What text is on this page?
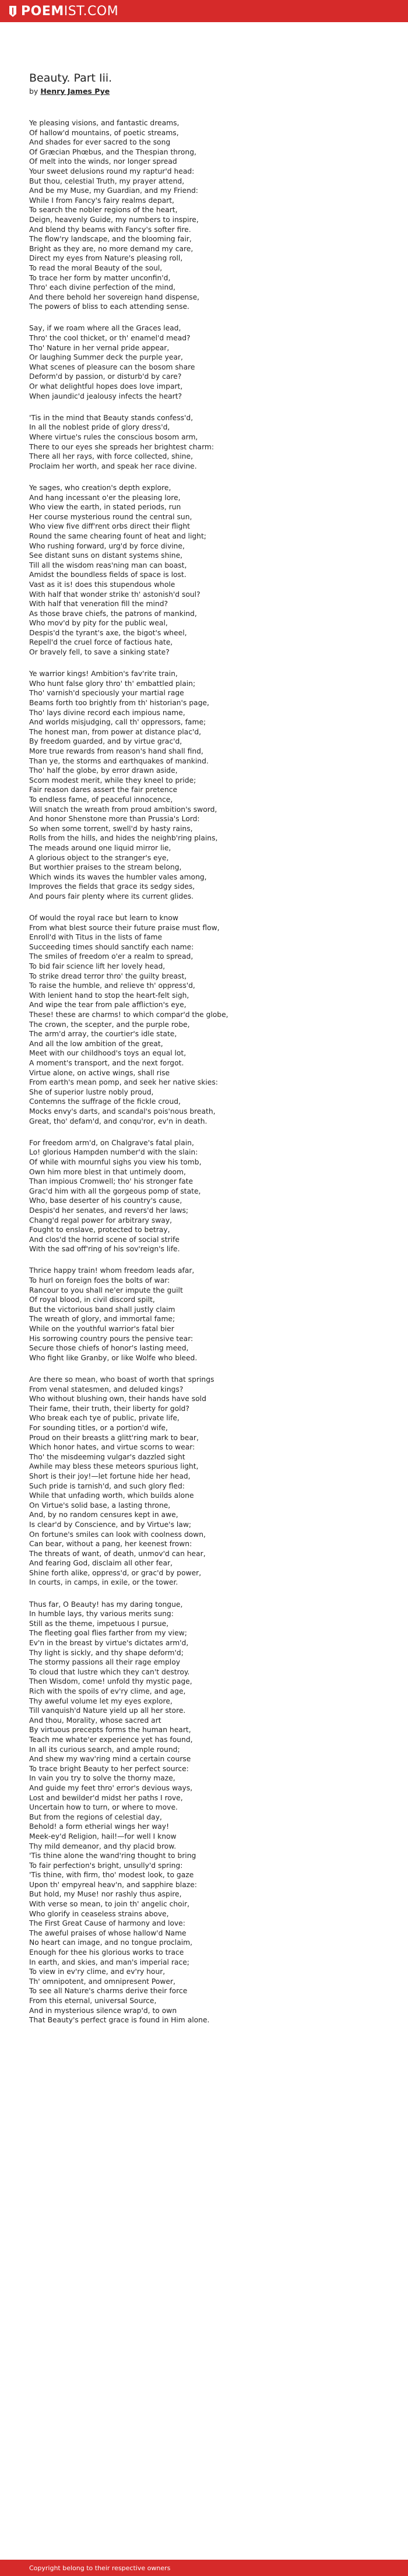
POEM IST.COM
Beauty. Part Iii.

by Henry James Pye

Ye pleasing visions, and fantastic dreams,
Of hallow'd mountains, of poetic streams,
And shades for ever sacred to the song
Of Græcian Phœbus, and the Thespian throng,
Of melt into the winds, nor longer spread
Your sweet delusions round my raptur'd head:
But thou, celestial Truth, my prayer attend,
And be my Muse, my Guardian, and my Friend:
While I from Fancy's fairy realms depart,
To search the nobler regions of the heart,
Deign, heavenly Guide, my numbers to inspire,
And blend thy beams with Fancy's softer fire.
The flow'ry landscape, and the blooming fair,
Bright as they are, no more demand my care,
Direct my eyes from Nature's pleasing roll,
To read the moral Beauty of the soul,
To trace her form by matter unconfin'd,
Thro' each divine perfection of the mind,
And there behold her sovereign hand dispense,
The powers of bliss to each attending sense.
Say, if we roam where all the Graces lead,
Thro' the cool thicket, or th' enamel'd mead?
Tho' Nature in her vernal pride appear,
Or laughing Summer deck the purple year,
What scenes of pleasure can the bosom share
Deform'd by passion, or disturb'd by care?
Or what delightful hopes does love impart,
When jaundic'd jealousy infects the heart?
'Tis in the mind that Beauty stands confess'd,
In all the noblest pride of glory dress'd,
Where virtue's rules the conscious bosom arm,
There to our eyes she spreads her brightest charm:
There all her rays, with force collected, shine,
Proclaim her worth, and speak her race divine.
Ye sages, who creation's depth explore,
And hang incessant o'er the pleasing lore,
Who view the earth, in stated periods, run
Her course mysterious round the central sun,
Who view five diff'rent orbs direct their flight
Round the same chearing fount of heat and light;
Who rushing forward, urg'd by force divine,
See distant suns on distant systems shine,
Till all the wisdom reas'ning man can boast,
Amidst the boundless fields of space is lost.
Vast as it is! does this stupendous whole
With half that wonder strike th' astonish'd soul?
With half that veneration fill the mind?
As those brave chiefs, the patrons of mankind,
Who mov'd by pity for the public weal,
Despis'd the tyrant's axe, the bigot's wheel,
Repell'd the cruel force of factious hate,
Or bravely fell, to save a sinking state?
Ye warrior kings! Ambition's fav'rite train,
Who hunt false glory thro' th' embattled plain;
Tho' varnish'd speciously your martial rage
Beams forth too brightly from th' historian's page,
Tho' lays divine record each impious name,
And worlds misjudging, call th' oppressors, fame;
The honest man, from power at distance plac'd,
By freedom guarded, and by virtue grac'd,
More true rewards from reason's hand shall find,
Than ye, the storms and earthquakes of mankind.
Tho' half the globe, by error drawn aside,
Scorn modest merit, while they kneel to pride;
Fair reason dares assert the fair pretence
To endless fame, of peaceful innocence,
Will snatch the wreath from proud ambition's sword,
And honor Shenstone more than Prussia's Lord:
So when some torrent, swell'd by hasty rains,
Rolls from the hills, and hides the neighb'ring plains,
The meads around one liquid mirror lie,
A glorious object to the stranger's eye,
But worthier praises to the stream belong,
Which winds its waves the humbler vales among,
Improves the fields that grace its sedgy sides,
And pours fair plenty where its current glides.
Of would the royal race but learn to know
From what blest source their future praise must flow,
Enroll'd with Titus in the lists of fame
Succeeding times should sanctify each name:
The smiles of freedom o'er a realm to spread,
To bid fair science lift her lovely head,
To strike dread terror thro' the guilty breast,
To raise the humble, and relieve th' oppress'd,
With lenient hand to stop the heart-felt sigh,
And wipe the tear from pale affliction's eye,
These! these are charms! to which compar'd the globe,
The crown, the scepter, and the purple robe,
The arm'd array, the courtier's idle state,
And all the low ambition of the great,
Meet with our childhood's toys an equal lot,
A moment's transport, and the next forgot.
Virtue alone, on active wings, shall rise
From earth's mean pomp, and seek her native skies:
She of superior lustre nobly proud,
Contemns the suffrage of the fickle croud,
Mocks envy's darts, and scandal's pois'nous breath,
Great, tho' defam'd, and conqu'ror, ev'n in death.
For freedom arm'd, on Chalgrave's fatal plain,
Lo! glorious Hampden number'd with the slain:
Of while with mournful sighs you view his tomb,
Own him more blest in that untimely doom,
Than impious Cromwell; tho' his stronger fate
Grac'd him with all the gorgeous pomp of state,
Who, base deserter of his country's cause,
Despis'd her senates, and revers'd her laws;
Chang'd regal power for arbitrary sway,
Fought to enslave, protected to betray,
And clos'd the horrid scene of social strife
With the sad off'ring of his sov'reign's life.
Thrice happy train! whom freedom leads afar,
To hurl on foreign foes the bolts of war:
Rancour to you shall ne'er impute the guilt
Of royal blood, in civil discord spilt,
But the victorious band shall justly claim
The wreath of glory, and immortal fame;
While on the youthful warrior's fatal bier
His sorrowing country pours the pensive tear:
Secure those chiefs of honor's lasting meed,
Who fight like Granby, or like Wolfe who bleed.
Are there so mean, who boast of worth that springs
From venal statesmen, and deluded kings?
Who without blushing own, their hands have sold
Their fame, their truth, their liberty for gold?
Who break each tye of public, private life,
For sounding titles, or a portion'd wife,
Proud on their breasts a glitt'ring mark to bear,
Which honor hates, and virtue scorns to wear:
Tho' the misdeeming vulgar's dazzled sight
Awhile may bless these meteors spurious light,
Short is their joy!—let fortune hide her head,
Such pride is tarnish'd, and such glory fled:
While that unfading worth, which builds alone
On Virtue's solid base, a lasting throne,
And, by no random censures kept in awe,
Is clear'd by Conscience, and by Virtue's law;
On fortune's smiles can look with coolness down,
Can bear, without a pang, her keenest frown:
The threats of want, of death, unmov'd can hear,
And fearing God, disclaim all other fear,
Shine forth alike, oppress'd, or grac'd by power,
In courts, in camps, in exile, or the tower.
Thus far, O Beauty! has my daring tongue,
In humble lays, thy various merits sung:
Still as the theme, impetuous I pursue,
The fleeting goal flies farther from my view;
Ev'n in the breast by virtue's dictates arm'd,
Thy light is sickly, and thy shape deform'd;
The stormy passions all their rage employ
To cloud that lustre which they can't destroy.
Then Wisdom, come! unfold thy mystic page,
Rich with the spoils of ev'ry clime, and age,
Thy aweful volume let my eyes explore,
Till vanquish'd Nature yield up all her store.
And thou, Morality, whose sacred art
By virtuous precepts forms the human heart,
Teach me whate'er experience yet has found,
In all its curious search, and ample round;
And shew my wav'ring mind a certain course
To trace bright Beauty to her perfect source:
In vain you try to solve the thorny maze,
And guide my feet thro' error's devious ways,
Lost and bewilder'd midst her paths I rove,
Uncertain how to turn, or where to move.
But from the regions of celestial day,
Behold! a form etherial wings her way!
Meek-ey'd Religion, hail!—for well I know
Thy mild demeanor, and thy placid brow.
'Tis thine alone the wand'ring thought to bring
To fair perfection's bright, unsully'd spring:
'Tis thine, with firm, tho' modest look, to gaze
Upon th' empyreal heav'n, and sapphire blaze:
But hold, my Muse! nor rashly thus aspire,
With verse so mean, to join th' angelic choir,
Who glorify in ceaseless strains above,
The First Great Cause of harmony and love:
The aweful praises of whose hallow'd Name
No heart can image, and no tongue proclaim,
Enough for thee his glorious works to trace
In earth, and skies, and man's imperial race;
To view in ev'ry clime, and ev'ry hour,
Th' omnipotent, and omnipresent Power,
To see all Nature's charms derive their force
From this eternal, universal Source,
And in mysterious silence wrap'd, to own
That Beauty's perfect grace is found in Him alone.
Copyright belong to their respective owners
